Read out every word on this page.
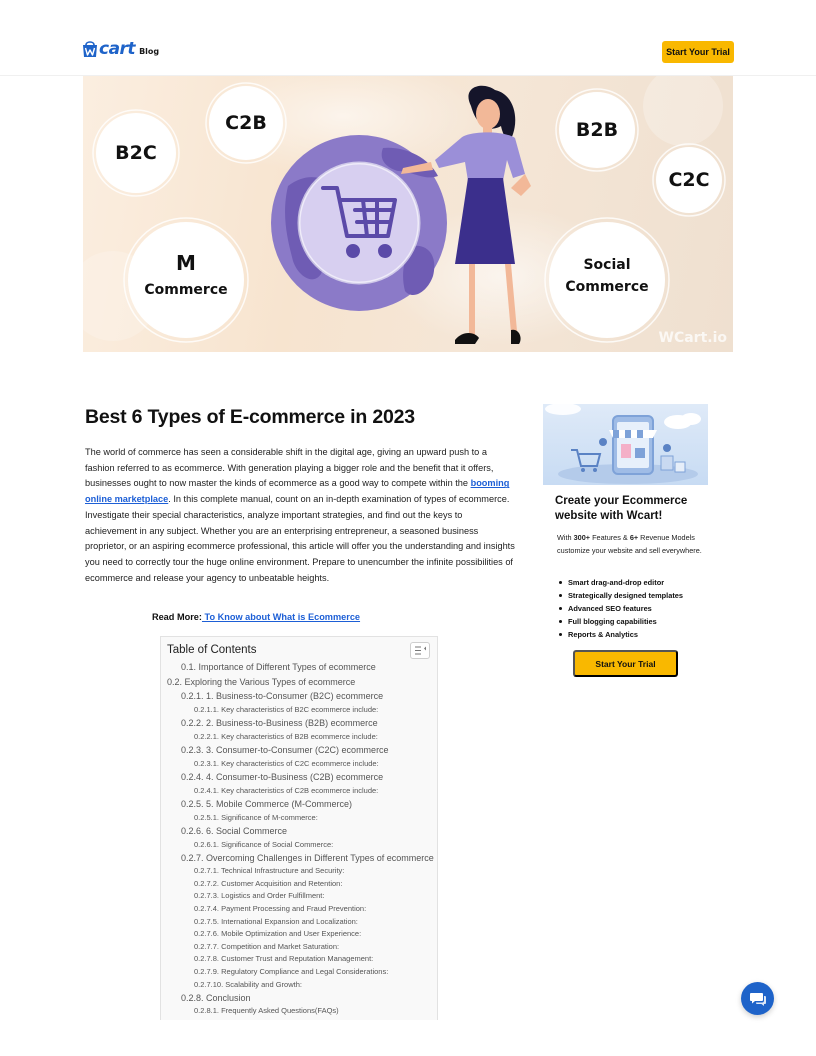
cart Blog	Start Your Trial
B2C
C2B	B2B
C2C
M
Commerce
Social
Commerce
WCart.io
Best 6 Types of E-commerce in 2023

The world of commerce has seen a considerable shift in the digital age, giving an upward push to a fashion referred to as ecommerce. With generation playing a bigger role and the benefit that it offers, businesses ought to now master the kinds of ecommerce as a good way to compete within the booming online marketplace. In this complete manual, count on an in-depth examination of types of ecommerce. Investigate their special characteristics, analyze important strategies, and find out the keys to achievement in any subject. Whether you are an enterprising entrepreneur, a seasoned business proprietor, or an aspiring ecommerce professional, this article will offer you the understanding and insights you need to correctly tour the huge online environment. Prepare to unencumber the infinite possibilities of ecommerce and release your agency to unbeatable heights.

Read More: To Know about What is Ecommerce
Table of Contents
0.1. Importance of Different Types of ecommerce
0.2. Exploring the Various Types of ecommerce
0.2.1. 1. Business-to-Consumer (B2C) ecommerce
0.2.1.1. Key characteristics of B2C ecommerce include:
0.2.2. 2. Business-to-Business (B2B) ecommerce
0.2.2.1. Key characteristics of B2B ecommerce include:
0.2.3. 3. Consumer-to-Consumer (C2C) ecommerce
0.2.3.1. Key characteristics of C2C ecommerce include:
0.2.4. 4. Consumer-to-Business (C2B) ecommerce
0.2.4.1. Key characteristics of C2B ecommerce include:
0.2.5. 5. Mobile Commerce (M-Commerce)
0.2.5.1. Significance of M-commerce:
0.2.6. 6. Social Commerce
0.2.6.1. Significance of Social Commerce:
0.2.7. Overcoming Challenges in Different Types of ecommerce
0.2.7.1. Technical Infrastructure and Security:
0.2.7.2. Customer Acquisition and Retention:
0.2.7.3. Logistics and Order Fulfillment:
0.2.7.4. Payment Processing and Fraud Prevention:
0.2.7.5. International Expansion and Localization:
0.2.7.6. Mobile Optimization and User Experience:
0.2.7.7. Competition and Market Saturation:
0.2.7.8. Customer Trust and Reputation Management:
0.2.7.9. Regulatory Compliance and Legal Considerations:
0.2.7.10. Scalability and Growth:
0.2.8. Conclusion
0.2.8.1. Frequently Asked Questions(FAQs)
Create your Ecommerce website with Wcart!
With 300+ Features & 6+ Revenue Models customize your website and sell everywhere.
Smart drag-and-drop editor
Strategically designed templates
Advanced SEO features
Full blogging capabilities
Reports & Analytics
Start Your Trial
